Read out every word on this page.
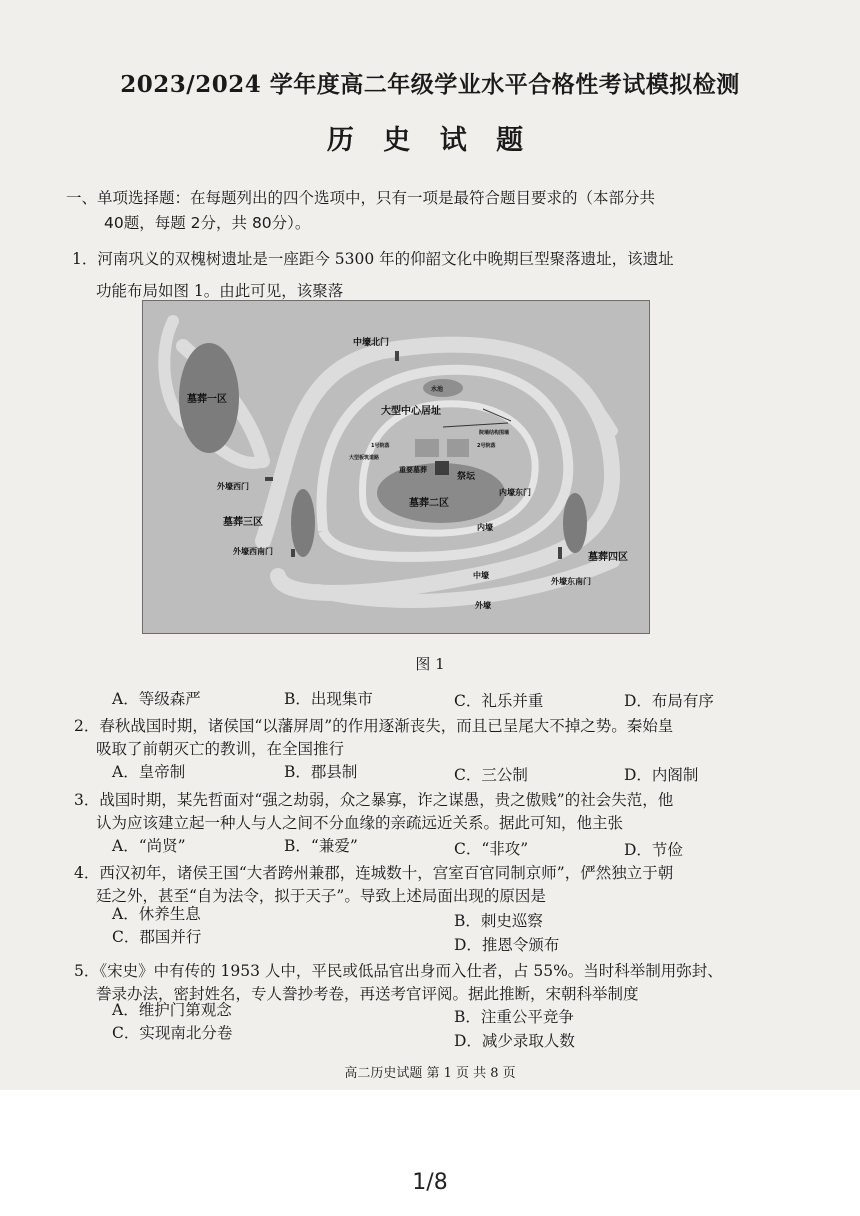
2023/2024 学年度高二年级学业水平合格性考试模拟检测
历 史 试 题
一、单项选择题：在每题列出的四个选项中，只有一项是最符合题目要求的（本部分共
40题，每题 2分，共 80分）。
1．河南巩义的双槐树遗址是一座距今 5300 年的仰韶文化中晚期巨型聚落遗址，该遗址
功能布局如图 1。由此可见，该聚落
中壕北门
墓葬一区
水池
大型中心居址
院墙结构围墙
1号院落	2号院落
大型板筑道路
重要墓葬
祭坛
墓葬二区
内壕东门
外壕西门
墓葬三区
外壕西南门
内壕
中壕
外壕
墓葬四区
外壕东南门
图 1
A．等级森严	B．出现集市	C．礼乐并重	D．布局有序
2．春秋战国时期，诸侯国“以藩屏周”的作用逐渐丧失，而且已呈尾大不掉之势。秦始皇
吸取了前朝灭亡的教训，在全国推行
A．皇帝制	B．郡县制	C．三公制	D．内阁制
3．战国时期，某先哲面对“强之劫弱，众之暴寡，诈之谋愚，贵之傲贱”的社会失范，他
认为应该建立起一种人与人之间不分血缘的亲疏远近关系。据此可知，他主张
A．“尚贤”	B．“兼爱”	C．“非攻”	D．节俭
4．西汉初年，诸侯王国“大者跨州兼郡，连城数十，宫室百官同制京师”，俨然独立于朝
廷之外，甚至“自为法令，拟于天子”。导致上述局面出现的原因是
A．休养生息	B．刺史巡察
C．郡国并行	D．推恩令颁布
5．《宋史》中有传的 1953 人中，平民或低品官出身而入仕者，占 55%。当时科举制用弥封、
誊录办法，密封姓名，专人誊抄考卷，再送考官评阅。据此推断，宋朝科举制度
A．维护门第观念	B．注重公平竞争
C．实现南北分卷	D．减少录取人数
高二历史试题 第 1 页 共 8 页
1/8
